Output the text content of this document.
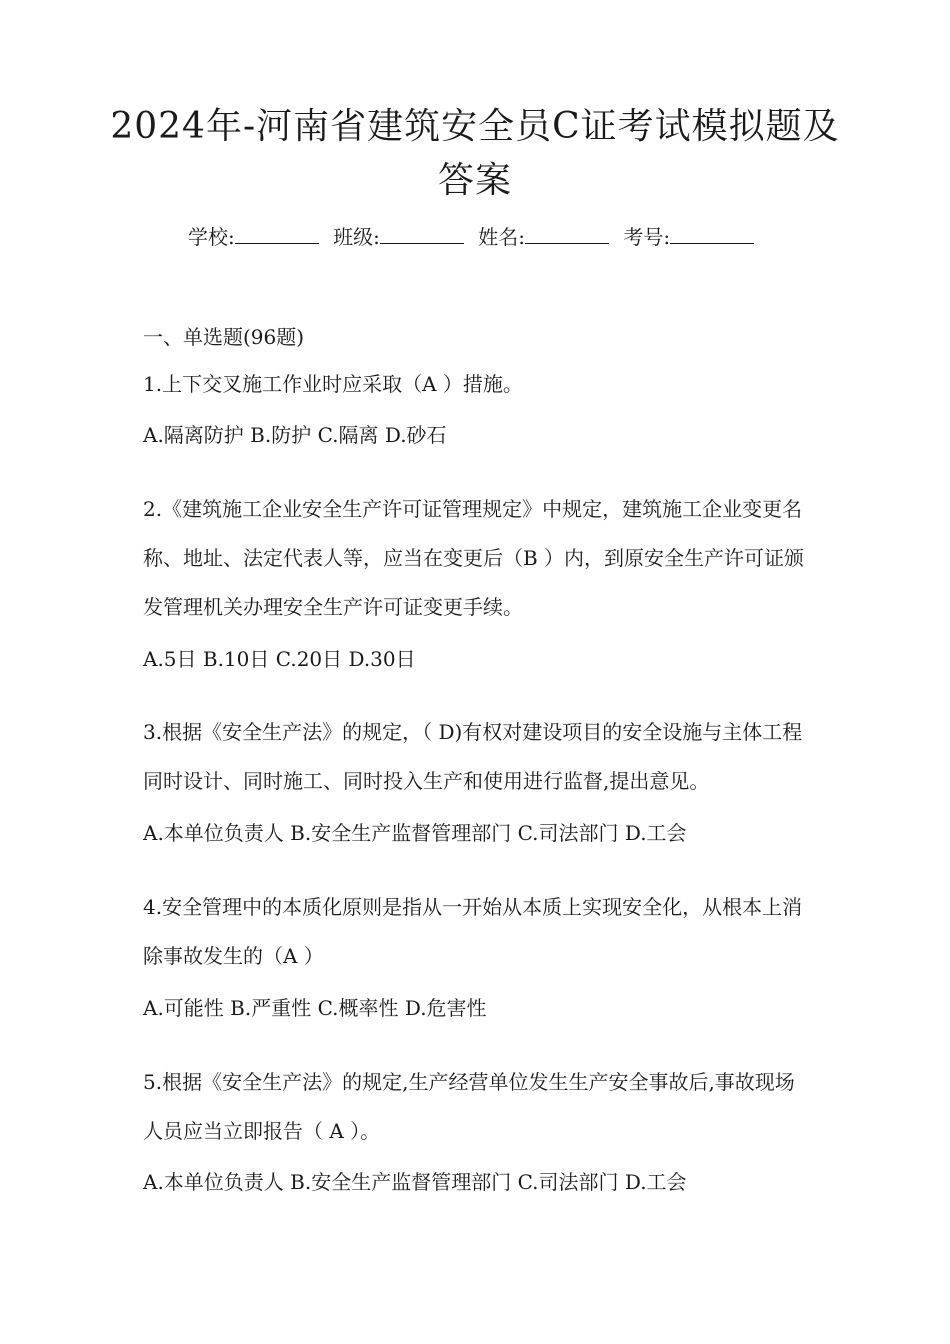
2024年-河南省建筑安全员C证考试模拟题及答案
学校:	班级:	姓名:	考号:
一、单选题(96题)
1.上下交叉施工作业时应采取（A ）措施。
A.隔离防护 B.防护 C.隔离 D.砂石
2.《建筑施工企业安全生产许可证管理规定》中规定，建筑施工企业变更名称、地址、法定代表人等，应当在变更后（B ）内，到原安全生产许可证颁发管理机关办理安全生产许可证变更手续。
A.5日 B.10日 C.20日 D.30日
3.根据《安全生产法》的规定，（ D)有权对建设项目的安全设施与主体工程同时设计、同时施工、同时投入生产和使用进行监督,提出意见。
A.本单位负责人 B.安全生产监督管理部门 C.司法部门 D.工会
4.安全管理中的本质化原则是指从一开始从本质上实现安全化，从根本上消除事故发生的（A ）
A.可能性 B.严重性 C.概率性 D.危害性
5.根据《安全生产法》的规定,生产经营单位发生生产安全事故后,事故现场人员应当立即报告（ A ）。
A.本单位负责人 B.安全生产监督管理部门 C.司法部门 D.工会
